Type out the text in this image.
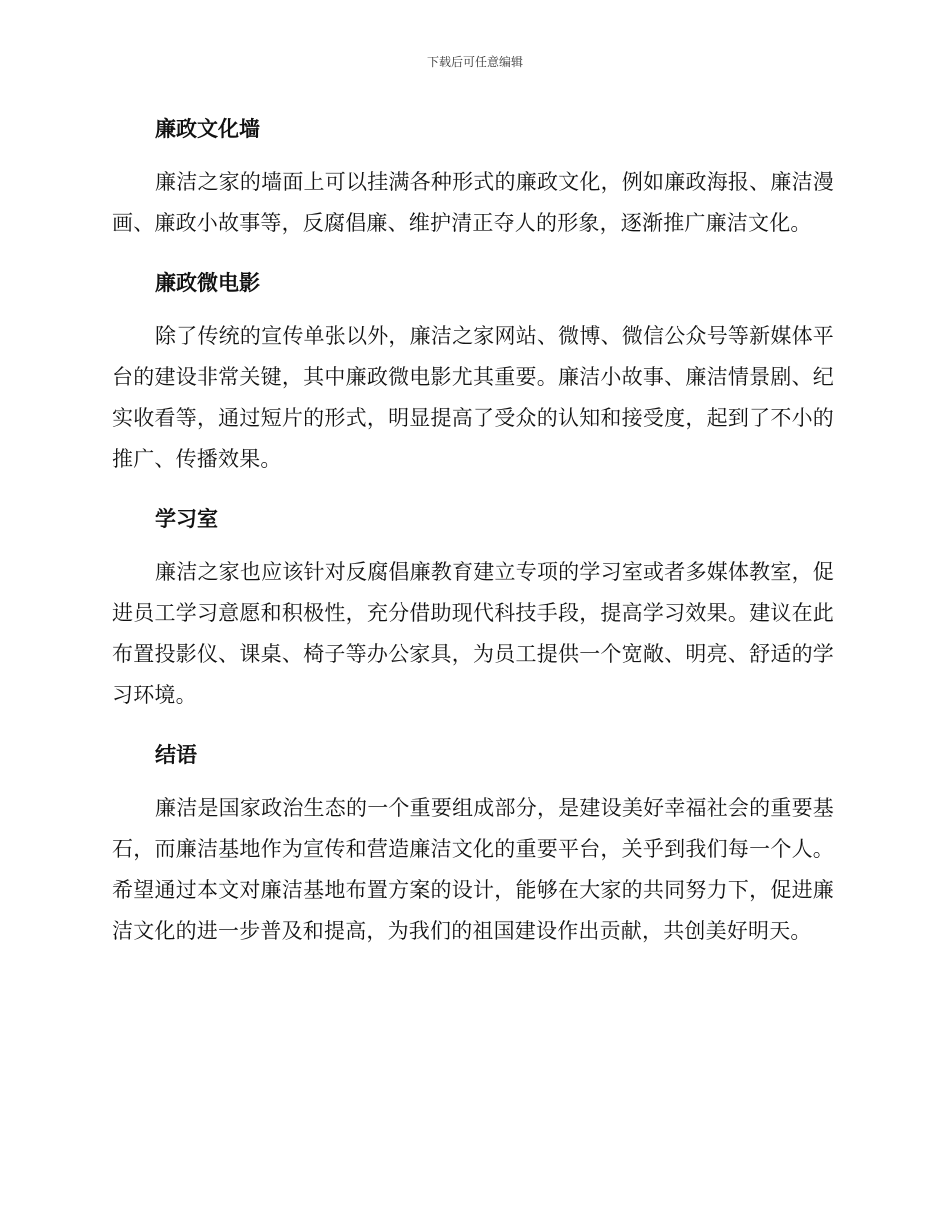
下载后可任意编辑
廉政文化墙

廉洁之家的墙面上可以挂满各种形式的廉政文化，例如廉政海报、廉洁漫画、廉政小故事等，反腐倡廉、维护清正夺人的形象，逐渐推广廉洁文化。

廉政微电影

除了传统的宣传单张以外，廉洁之家网站、微博、微信公众号等新媒体平台的建设非常关键，其中廉政微电影尤其重要。廉洁小故事、廉洁情景剧、纪实收看等，通过短片的形式，明显提高了受众的认知和接受度，起到了不小的推广、传播效果。

学习室

廉洁之家也应该针对反腐倡廉教育建立专项的学习室或者多媒体教室，促进员工学习意愿和积极性，充分借助现代科技手段，提高学习效果。建议在此布置投影仪、课桌、椅子等办公家具，为员工提供一个宽敞、明亮、舒适的学习环境。

结语

廉洁是国家政治生态的一个重要组成部分，是建设美好幸福社会的重要基石，而廉洁基地作为宣传和营造廉洁文化的重要平台，关乎到我们每一个人。希望通过本文对廉洁基地布置方案的设计，能够在大家的共同努力下，促进廉洁文化的进一步普及和提高，为我们的祖国建设作出贡献，共创美好明天。
